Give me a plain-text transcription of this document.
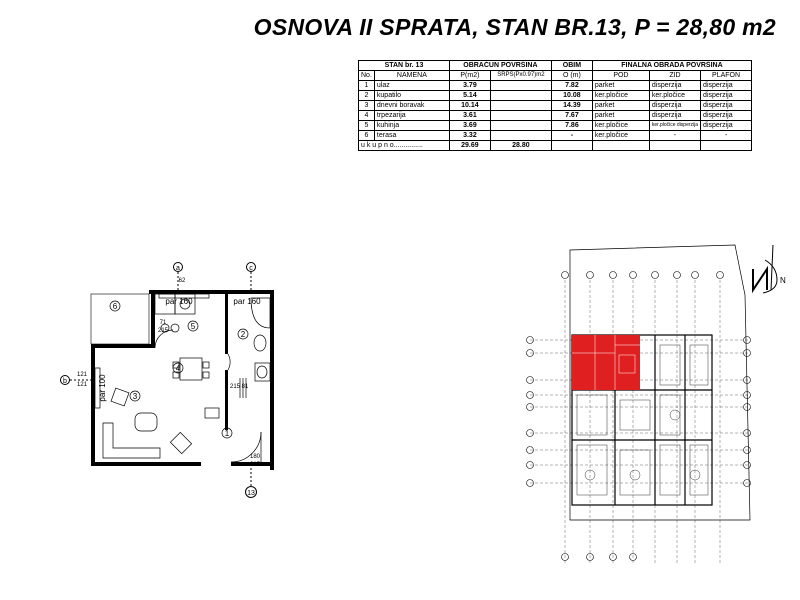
OSNOVA II SPRATA, STAN BR.13, P = 28,80 m2
STAN br. 13		OBRAČUN POVRŠINA		OBIM	FINALNA OBRADA POVRŠINA		
No.	NAMENA	P(m2)	SRPS(Px0.97)m2	O (m)	POD	ZID	PLAFON
1	ulaz	3.79		7.82	parket	disperzija	disperzija
2	kupatilo	5.14		10.08	ker.pločice	ker.pločice	disperzija
3	dnevni boravak	10.14		14.39	parket	disperzija	disperzija
4	trpezarija	3.61		7.67	parket	disperzija	disperzija
5	kuhinja	3.69		7.86	ker.pločice	ker.pločice disperzija	disperzija
6	terasa	3.32		-	ker.pločice	-	-
u k u p n o...............		29.69	28.80				
1
2
3
4
5
6
a
b
c
13
par 160	par 160
par 100
121
121
71
215
81
215
180
215
62	N
